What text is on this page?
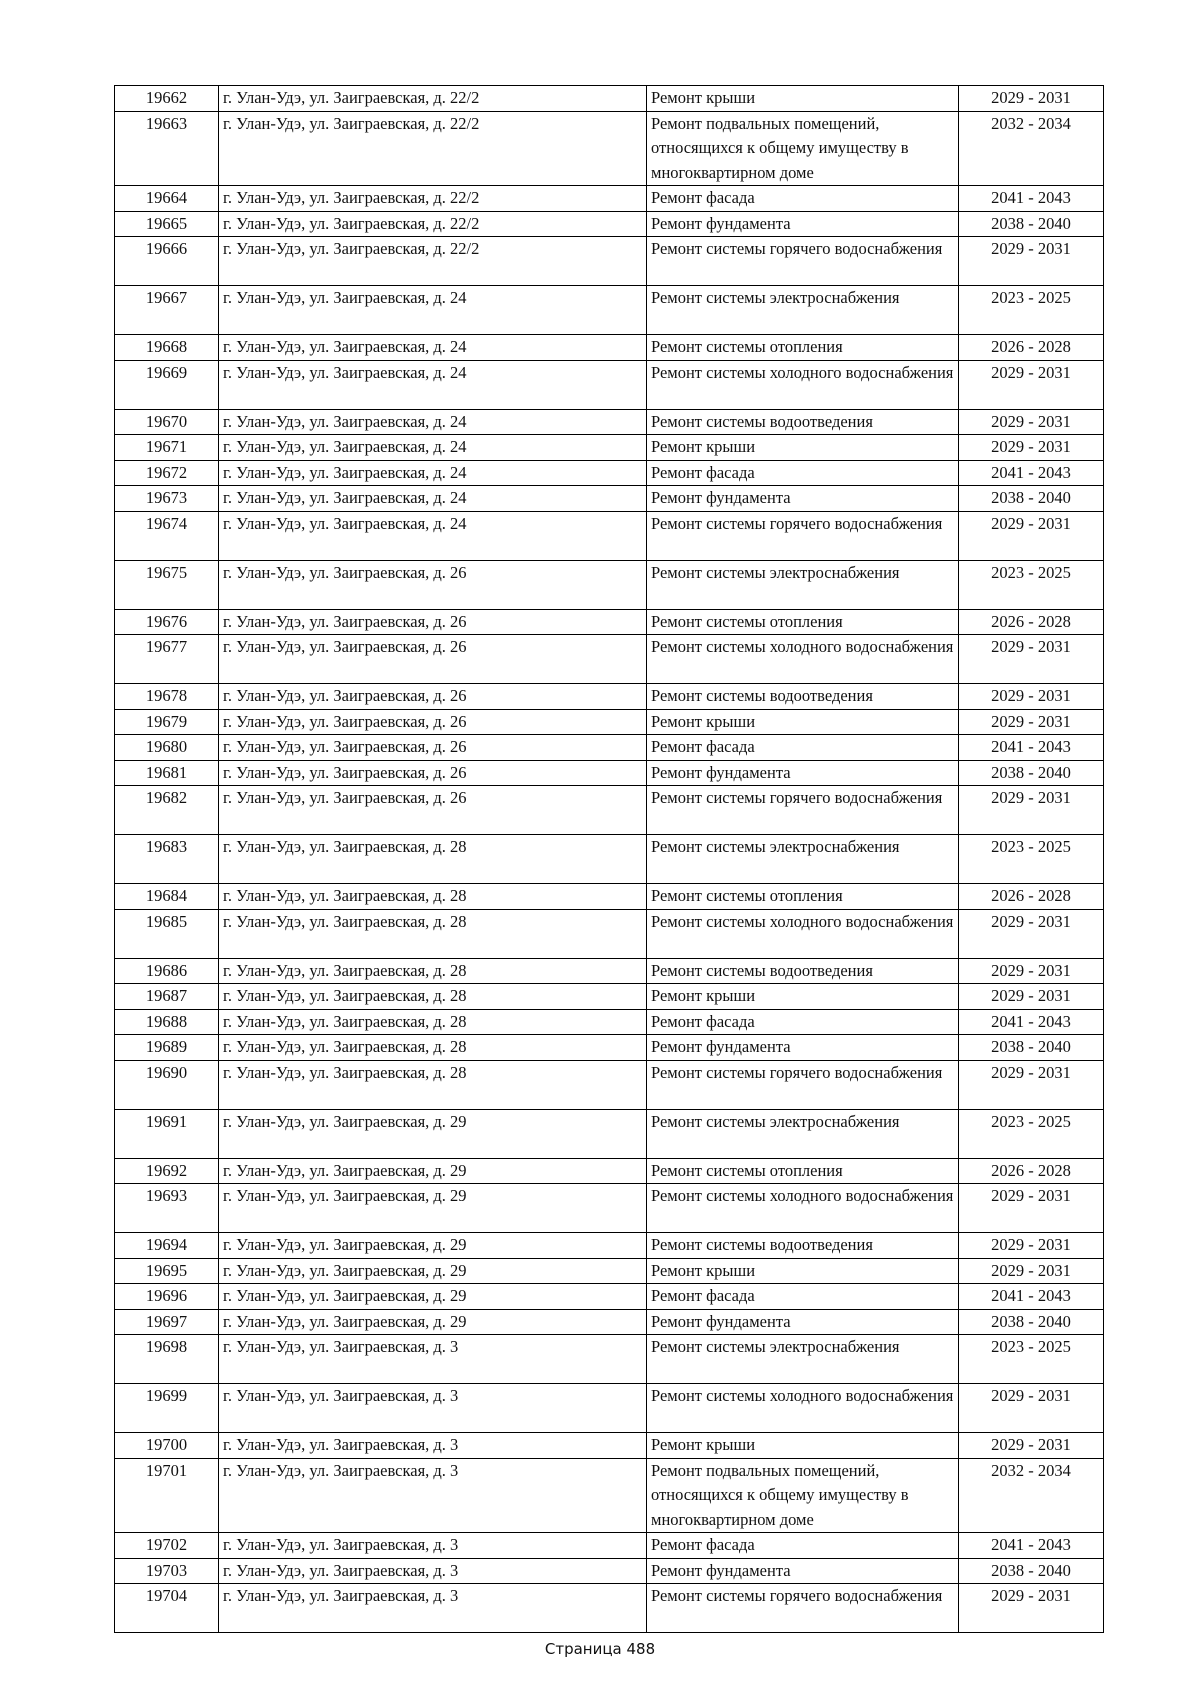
19662	г. Улан-Удэ, ул. Заиграевская, д. 22/2	Ремонт крыши	2029 - 2031
19663	г. Улан-Удэ, ул. Заиграевская, д. 22/2	Ремонт подвальных помещений, относящихся к общему имуществу в многоквартирном доме	2032 - 2034
19664	г. Улан-Удэ, ул. Заиграевская, д. 22/2	Ремонт фасада	2041 - 2043
19665	г. Улан-Удэ, ул. Заиграевская, д. 22/2	Ремонт фундамента	2038 - 2040
19666	г. Улан-Удэ, ул. Заиграевская, д. 22/2	Ремонт системы горячего водоснабжения	2029 - 2031
19667	г. Улан-Удэ, ул. Заиграевская, д. 24	Ремонт системы электроснабжения	2023 - 2025
19668	г. Улан-Удэ, ул. Заиграевская, д. 24	Ремонт системы отопления	2026 - 2028
19669	г. Улан-Удэ, ул. Заиграевская, д. 24	Ремонт системы холодного водоснабжения	2029 - 2031
19670	г. Улан-Удэ, ул. Заиграевская, д. 24	Ремонт системы водоотведения	2029 - 2031
19671	г. Улан-Удэ, ул. Заиграевская, д. 24	Ремонт крыши	2029 - 2031
19672	г. Улан-Удэ, ул. Заиграевская, д. 24	Ремонт фасада	2041 - 2043
19673	г. Улан-Удэ, ул. Заиграевская, д. 24	Ремонт фундамента	2038 - 2040
19674	г. Улан-Удэ, ул. Заиграевская, д. 24	Ремонт системы горячего водоснабжения	2029 - 2031
19675	г. Улан-Удэ, ул. Заиграевская, д. 26	Ремонт системы электроснабжения	2023 - 2025
19676	г. Улан-Удэ, ул. Заиграевская, д. 26	Ремонт системы отопления	2026 - 2028
19677	г. Улан-Удэ, ул. Заиграевская, д. 26	Ремонт системы холодного водоснабжения	2029 - 2031
19678	г. Улан-Удэ, ул. Заиграевская, д. 26	Ремонт системы водоотведения	2029 - 2031
19679	г. Улан-Удэ, ул. Заиграевская, д. 26	Ремонт крыши	2029 - 2031
19680	г. Улан-Удэ, ул. Заиграевская, д. 26	Ремонт фасада	2041 - 2043
19681	г. Улан-Удэ, ул. Заиграевская, д. 26	Ремонт фундамента	2038 - 2040
19682	г. Улан-Удэ, ул. Заиграевская, д. 26	Ремонт системы горячего водоснабжения	2029 - 2031
19683	г. Улан-Удэ, ул. Заиграевская, д. 28	Ремонт системы электроснабжения	2023 - 2025
19684	г. Улан-Удэ, ул. Заиграевская, д. 28	Ремонт системы отопления	2026 - 2028
19685	г. Улан-Удэ, ул. Заиграевская, д. 28	Ремонт системы холодного водоснабжения	2029 - 2031
19686	г. Улан-Удэ, ул. Заиграевская, д. 28	Ремонт системы водоотведения	2029 - 2031
19687	г. Улан-Удэ, ул. Заиграевская, д. 28	Ремонт крыши	2029 - 2031
19688	г. Улан-Удэ, ул. Заиграевская, д. 28	Ремонт фасада	2041 - 2043
19689	г. Улан-Удэ, ул. Заиграевская, д. 28	Ремонт фундамента	2038 - 2040
19690	г. Улан-Удэ, ул. Заиграевская, д. 28	Ремонт системы горячего водоснабжения	2029 - 2031
19691	г. Улан-Удэ, ул. Заиграевская, д. 29	Ремонт системы электроснабжения	2023 - 2025
19692	г. Улан-Удэ, ул. Заиграевская, д. 29	Ремонт системы отопления	2026 - 2028
19693	г. Улан-Удэ, ул. Заиграевская, д. 29	Ремонт системы холодного водоснабжения	2029 - 2031
19694	г. Улан-Удэ, ул. Заиграевская, д. 29	Ремонт системы водоотведения	2029 - 2031
19695	г. Улан-Удэ, ул. Заиграевская, д. 29	Ремонт крыши	2029 - 2031
19696	г. Улан-Удэ, ул. Заиграевская, д. 29	Ремонт фасада	2041 - 2043
19697	г. Улан-Удэ, ул. Заиграевская, д. 29	Ремонт фундамента	2038 - 2040
19698	г. Улан-Удэ, ул. Заиграевская, д. 3	Ремонт системы электроснабжения	2023 - 2025
19699	г. Улан-Удэ, ул. Заиграевская, д. 3	Ремонт системы холодного водоснабжения	2029 - 2031
19700	г. Улан-Удэ, ул. Заиграевская, д. 3	Ремонт крыши	2029 - 2031
19701	г. Улан-Удэ, ул. Заиграевская, д. 3	Ремонт подвальных помещений, относящихся к общему имуществу в многоквартирном доме	2032 - 2034
19702	г. Улан-Удэ, ул. Заиграевская, д. 3	Ремонт фасада	2041 - 2043
19703	г. Улан-Удэ, ул. Заиграевская, д. 3	Ремонт фундамента	2038 - 2040
19704	г. Улан-Удэ, ул. Заиграевская, д. 3	Ремонт системы горячего водоснабжения	2029 - 2031
Страница 488
